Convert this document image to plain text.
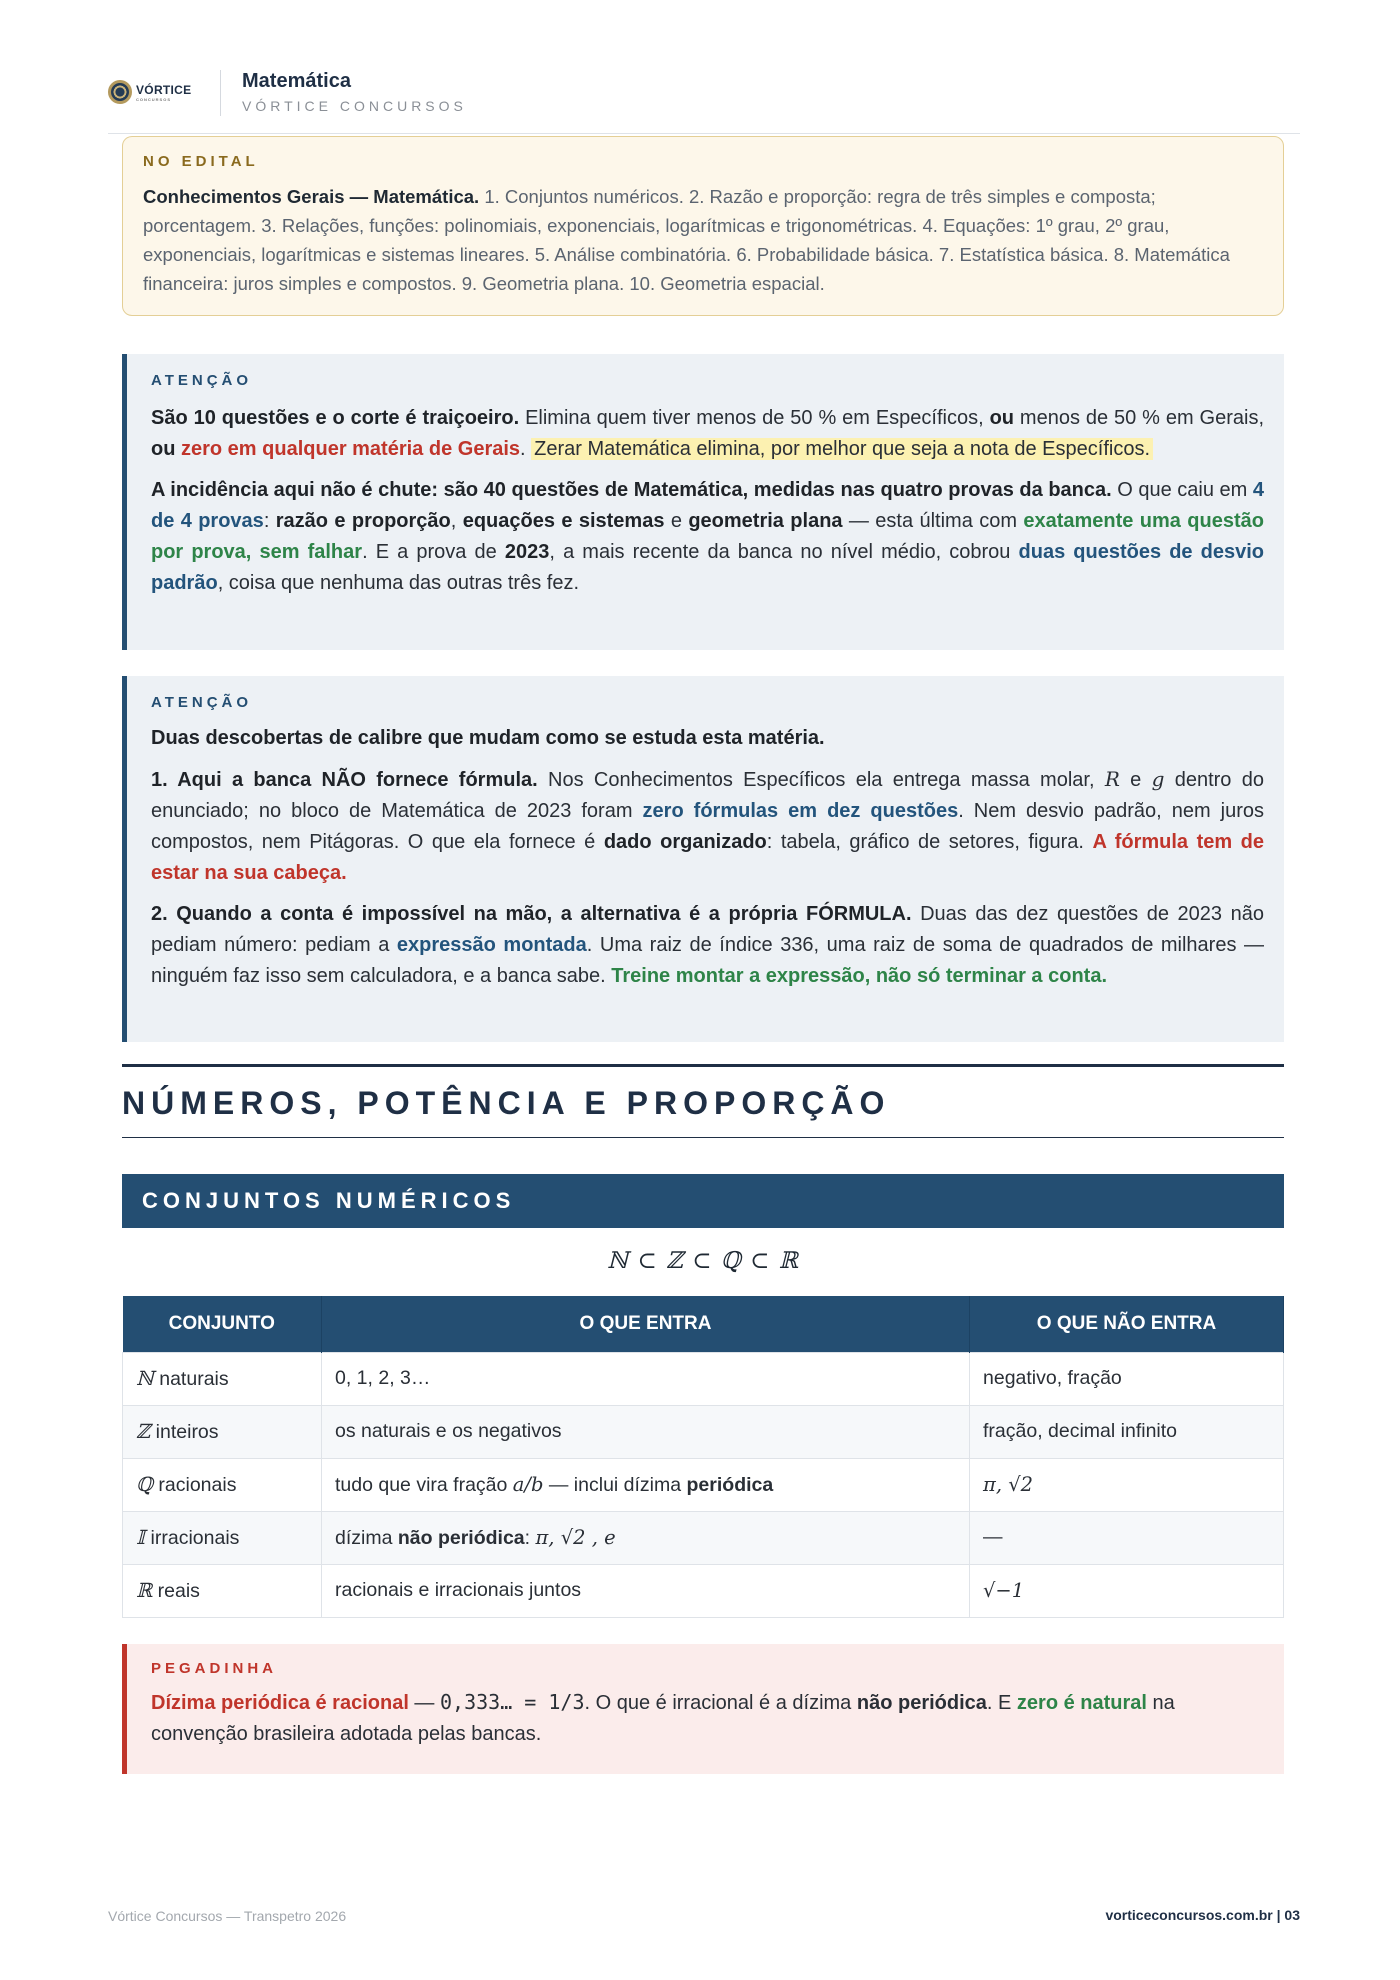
VÓRTICE
CONCURSOS
Matemática
VÓRTICE CONCURSOS
NO EDITAL

Conhecimentos Gerais — Matemática. 1. Conjuntos numéricos. 2. Razão e proporção: regra de três simples e composta; porcentagem. 3. Relações, funções: polinomiais, exponenciais, logarítmicas e trigonométricas. 4. Equações: 1º grau, 2º grau, exponenciais, logarítmicas e sistemas lineares. 5. Análise combinatória. 6. Probabilidade básica. 7. Estatística básica. 8. Matemática financeira: juros simples e compostos. 9. Geometria plana. 10. Geometria espacial.

ATENÇÃO

São 10 questões e o corte é traiçoeiro. Elimina quem tiver menos de 50 % em Específicos, ou menos de 50 % em Gerais, ou zero em qualquer matéria de Gerais. Zerar Matemática elimina, por melhor que seja a nota de Específicos.

A incidência aqui não é chute: são 40 questões de Matemática, medidas nas quatro provas da banca. O que caiu em 4 de 4 provas: razão e proporção, equações e sistemas e geometria plana — esta última com exatamente uma questão por prova, sem falhar. E a prova de 2023, a mais recente da banca no nível médio, cobrou duas questões de desvio padrão, coisa que nenhuma das outras três fez.

ATENÇÃO

Duas descobertas de calibre que mudam como se estuda esta matéria.

1. Aqui a banca NÃO fornece fórmula. Nos Conhecimentos Específicos ela entrega massa molar, R e g dentro do enunciado; no bloco de Matemática de 2023 foram zero fórmulas em dez questões. Nem desvio padrão, nem juros compostos, nem Pitágoras. O que ela fornece é dado organizado: tabela, gráfico de setores, figura. A fórmula tem de estar na sua cabeça.

2. Quando a conta é impossível na mão, a alternativa é a própria FÓRMULA. Duas das dez questões de 2023 não pediam número: pediam a expressão montada. Uma raiz de índice 336, uma raiz de soma de quadrados de milhares — ninguém faz isso sem calculadora, e a banca sabe. Treine montar a expressão, não só terminar a conta.

NÚMEROS, POTÊNCIA E PROPORÇÃO
CONJUNTOS NUMÉRICOS
ℕ ⊂ ℤ ⊂ ℚ ⊂ ℝ
CONJUNTO	O QUE ENTRA	O QUE NÃO ENTRA
ℕ naturais	0, 1, 2, 3…	negativo, fração
ℤ inteiros	os naturais e os negativos	fração, decimal infinito
ℚ racionais	tudo que vira fração a/b — inclui dízima periódica	π, √2
𝕀 irracionais	dízima não periódica: π, √2 , e	—
ℝ reais	racionais e irracionais juntos	√−1
PEGADINHA

Dízima periódica é racional — 0,333… = 1/3. O que é irracional é a dízima não periódica. E zero é natural na convenção brasileira adotada pelas bancas.

Vórtice Concursos — Transpetro 2026	vorticeconcursos.com.br | 03
